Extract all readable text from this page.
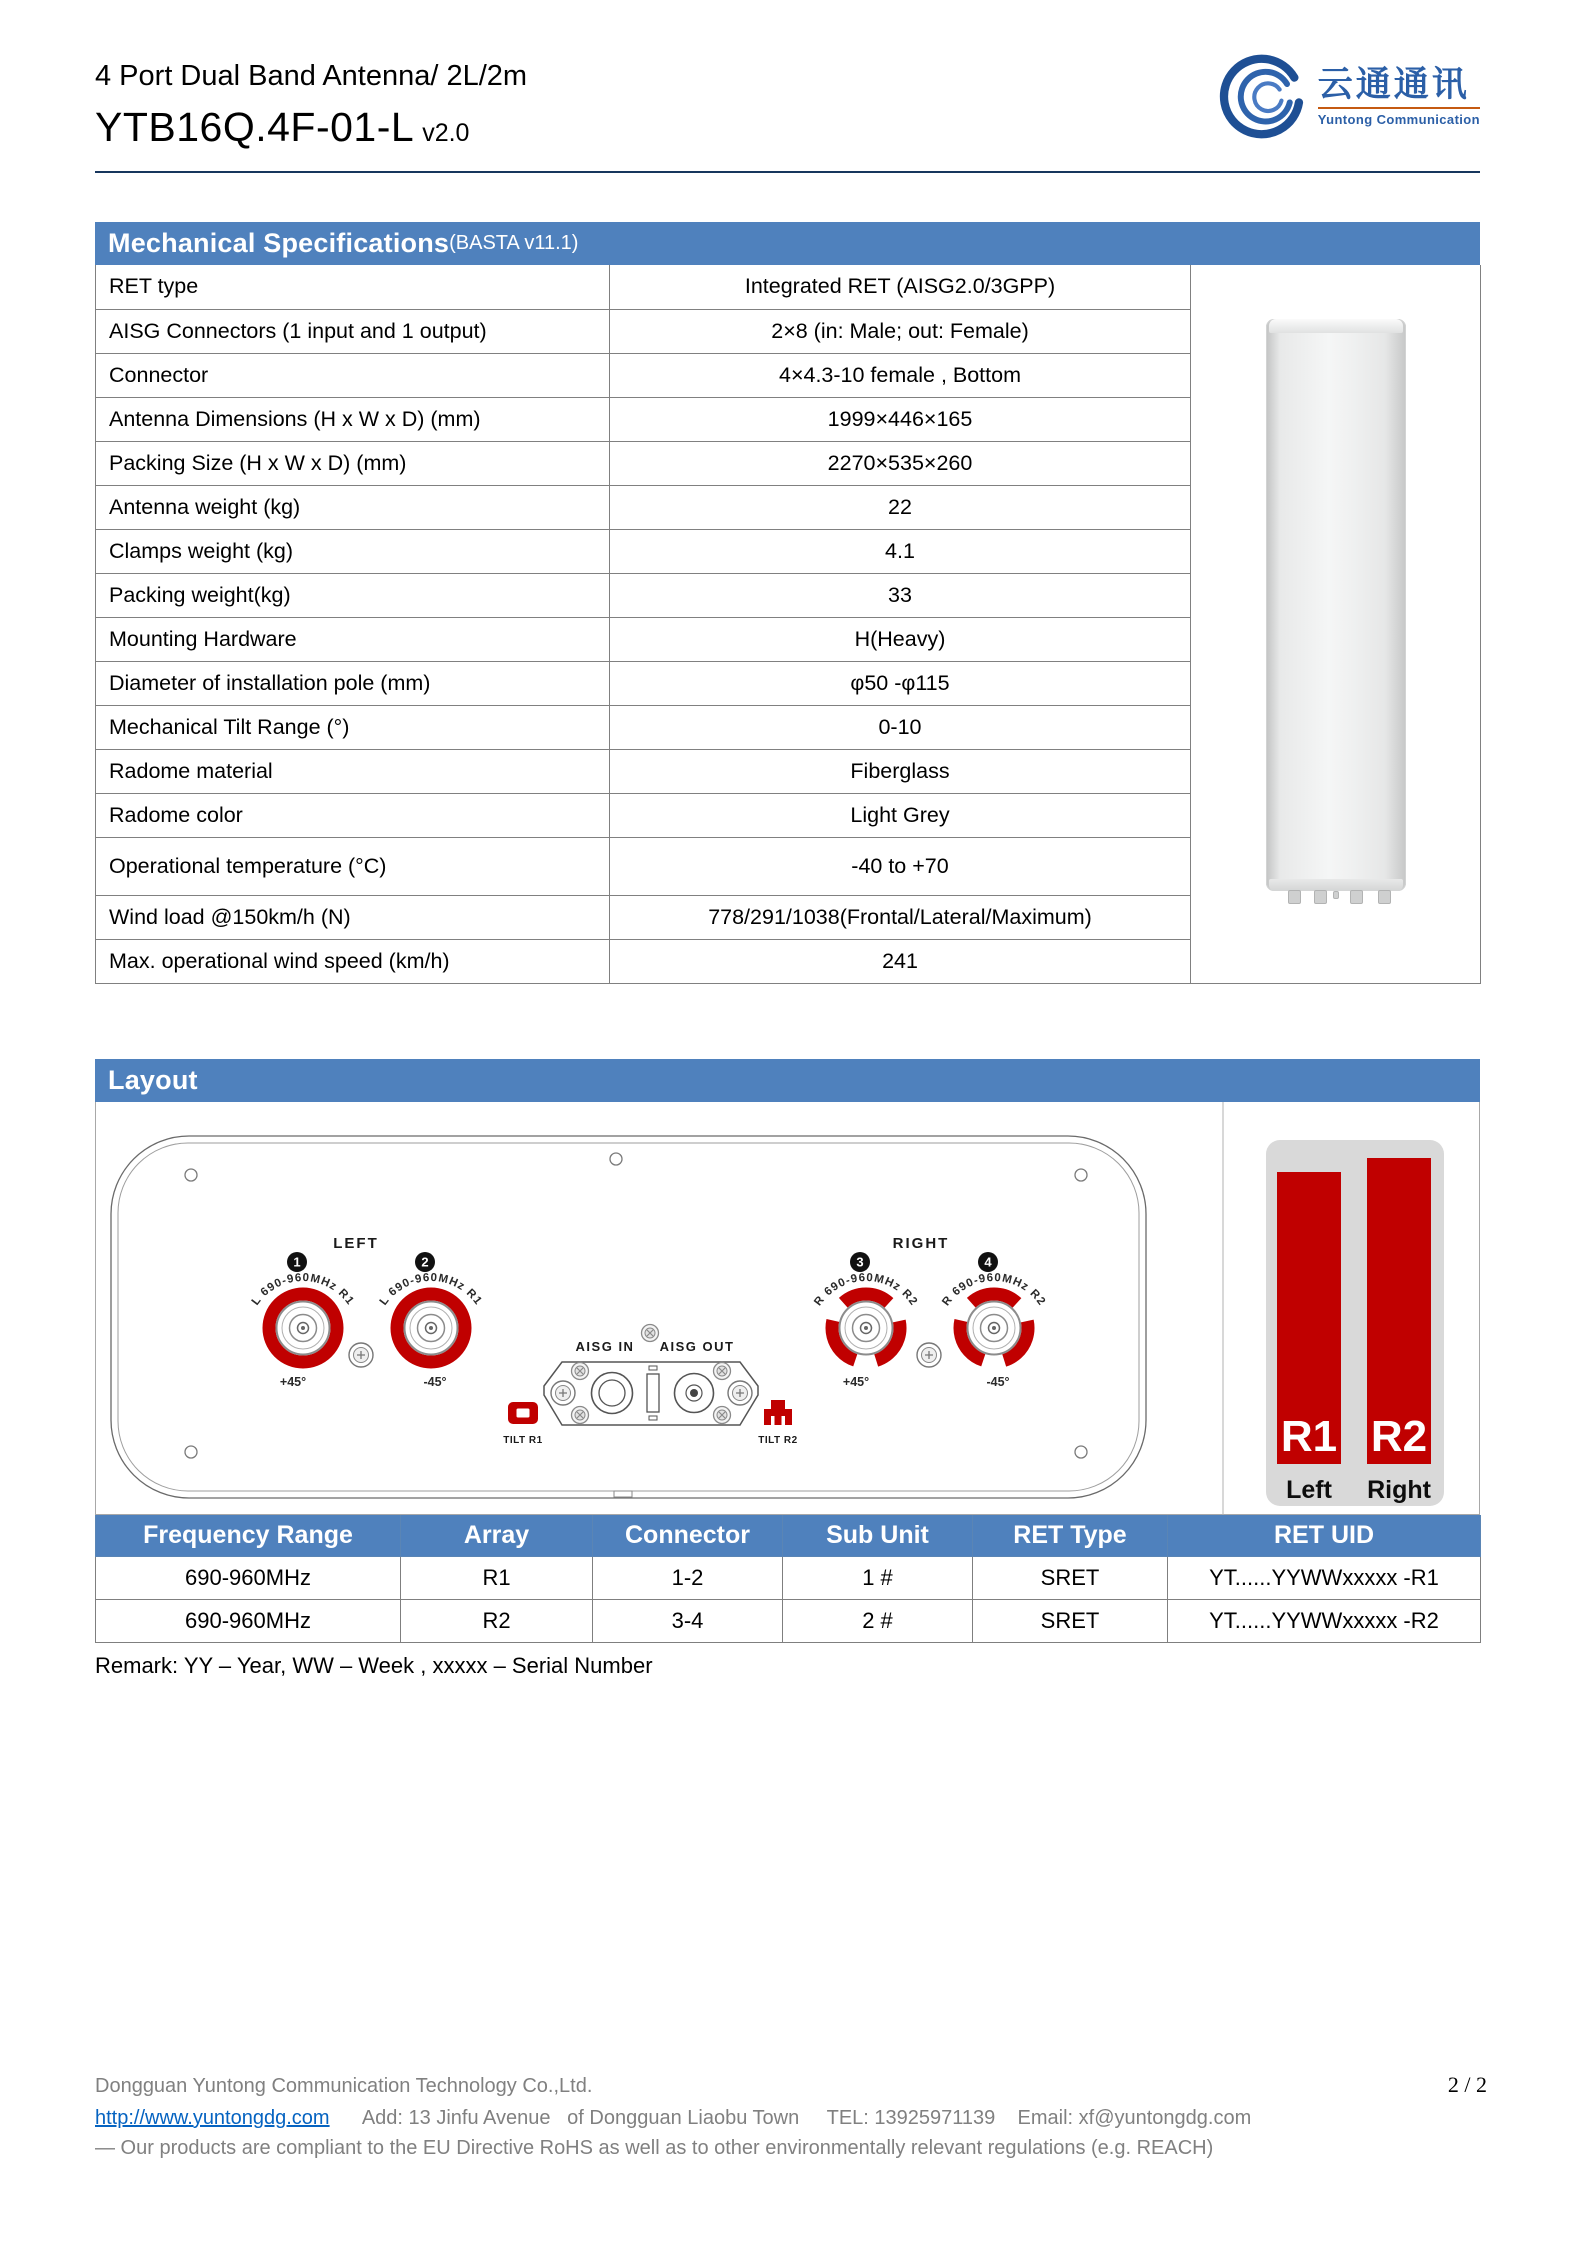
4 Port Dual Band Antenna/ 2L/2m
YTB16Q.4F-01-L v2.0
云通通讯
Yuntong Communication
Mechanical Specifications (BASTA v11.1)
RET type	Integrated RET (AISG2.0/3GPP)	

AISG Connectors (1 input and 1 output)	2×8 (in: Male; out: Female)	
Connector	4×4.3-10 female , Bottom	
Antenna Dimensions (H x W x D) (mm)	1999×446×165	
Packing Size (H x W x D) (mm)	2270×535×260	
Antenna weight (kg)	22	
Clamps weight (kg)	4.1	
Packing weight(kg)	33	
Mounting Hardware	H(Heavy)	
Diameter of installation pole (mm)	φ50 -φ115	
Mechanical Tilt Range (°)	0-10	
Radome material	Fiberglass	
Radome color	Light Grey	
Operational temperature (°C)	-40 to +70	
Wind load @150km/h (N)	778/291/1038(Frontal/Lateral/Maximum)	
Max. operational wind speed (km/h)	241	
Layout
LEFT	RIGHT
1
L 690-960MHz R1
+45°
2
L 690-960MHz R1
-45°
3
R 690-960MHz R2
+45°
4
R 690-960MHz R2
-45°
AISG IN AISG OUT
TILT R1	TILT R2	R1 R2
Left Right
Frequency Range	Array	Connector	Sub Unit	RET Type	RET UID
690-960MHz	R1	1-2	1 #	SRET	YT......YYWWxxxxx -R1
690-960MHz	R2	3-4	2 #	SRET	YT......YYWWxxxxx -R2
Remark: YY – Year, WW – Week , xxxxx – Serial Number
Dongguan Yuntong Communication Technology Co.,Ltd.	2 / 2
http://www.yuntongdg.com      Add: 13 Jinfu Avenue   of Dongguan Liaobu Town     TEL: 13925971139    Email: xf@yuntongdg.com
— Our products are compliant to the EU Directive RoHS as well as to other environmentally relevant regulations (e.g. REACH)
